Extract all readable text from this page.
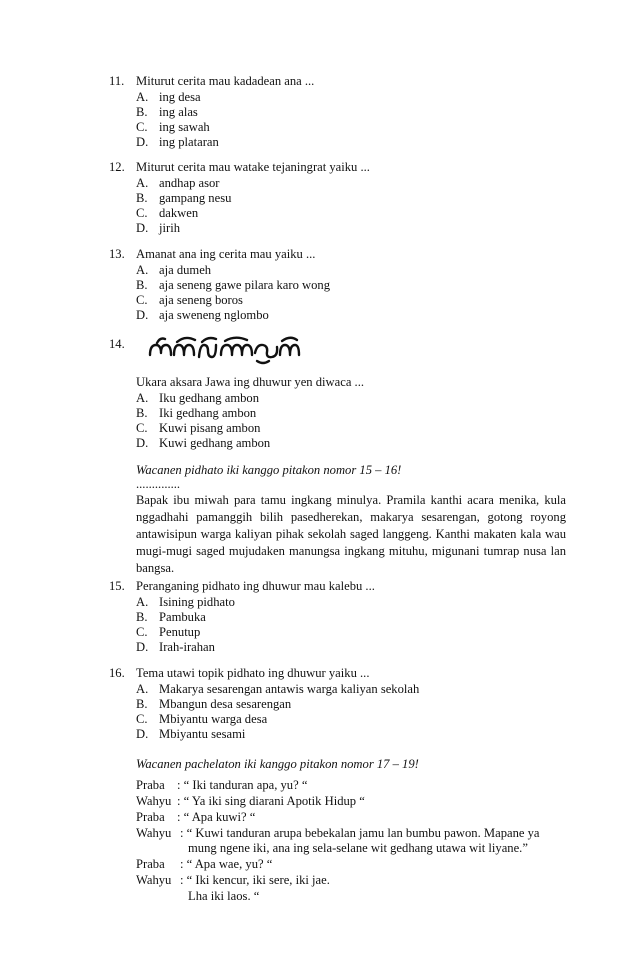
11. Miturut cerita mau kadadean ana ...
A. ing desa
B. ing alas
C. ing sawah
D. ing plataran
12. Miturut cerita mau watake tejaningrat yaiku ...
A. andhap asor
B. gampang nesu
C. dakwen
D. jirih
13. Amanat ana ing cerita mau yaiku ...
A. aja dumeh
B. aja seneng gawe pilara karo wong
C. aja seneng boros
D. aja sweneng nglombo
14.
Ukara aksara Jawa ing dhuwur yen diwaca ...
A. Iku gedhang ambon
B. Iki gedhang ambon
C. Kuwi pisang ambon
D. Kuwi gedhang ambon
Wacanen pidhato iki kanggo pitakon nomor 15 – 16!
..............
Bapak ibu miwah para tamu ingkang minulya. Pramila kanthi acara menika, kula
nggadhahi pamanggih bilih pasedherekan, makarya sesarengan, gotong royong
antawisipun warga kaliyan pihak sekolah saged langgeng. Kanthi makaten kala wau
mugi-mugi saged mujudaken manungsa ingkang mituhu, migunani tumrap nusa lan
bangsa.
15. Peranganing pidhato ing dhuwur mau kalebu ...
A. Isining pidhato
B. Pambuka
C. Penutup
D. Irah-irahan
16. Tema utawi topik pidhato ing dhuwur yaiku ...
A. Makarya sesarengan antawis warga kaliyan sekolah
B. Mbangun desa sesarengan
C. Mbiyantu warga desa
D. Mbiyantu sesami
Wacanen pachelaton iki kanggo pitakon nomor 17 – 19!
Praba : “ Iki tanduran apa, yu? “
Wahyu : “ Ya iki sing diarani Apotik Hidup “
Praba : “ Apa kuwi? “
Wahyu : “ Kuwi tanduran arupa bebekalan jamu lan bumbu pawon. Mapane ya
mung ngene iki, ana ing sela-selane wit gedhang utawa wit liyane.”
Praba : “ Apa wae, yu? “
Wahyu : “ Iki kencur, iki sere, iki jae.
Lha iki laos. “
